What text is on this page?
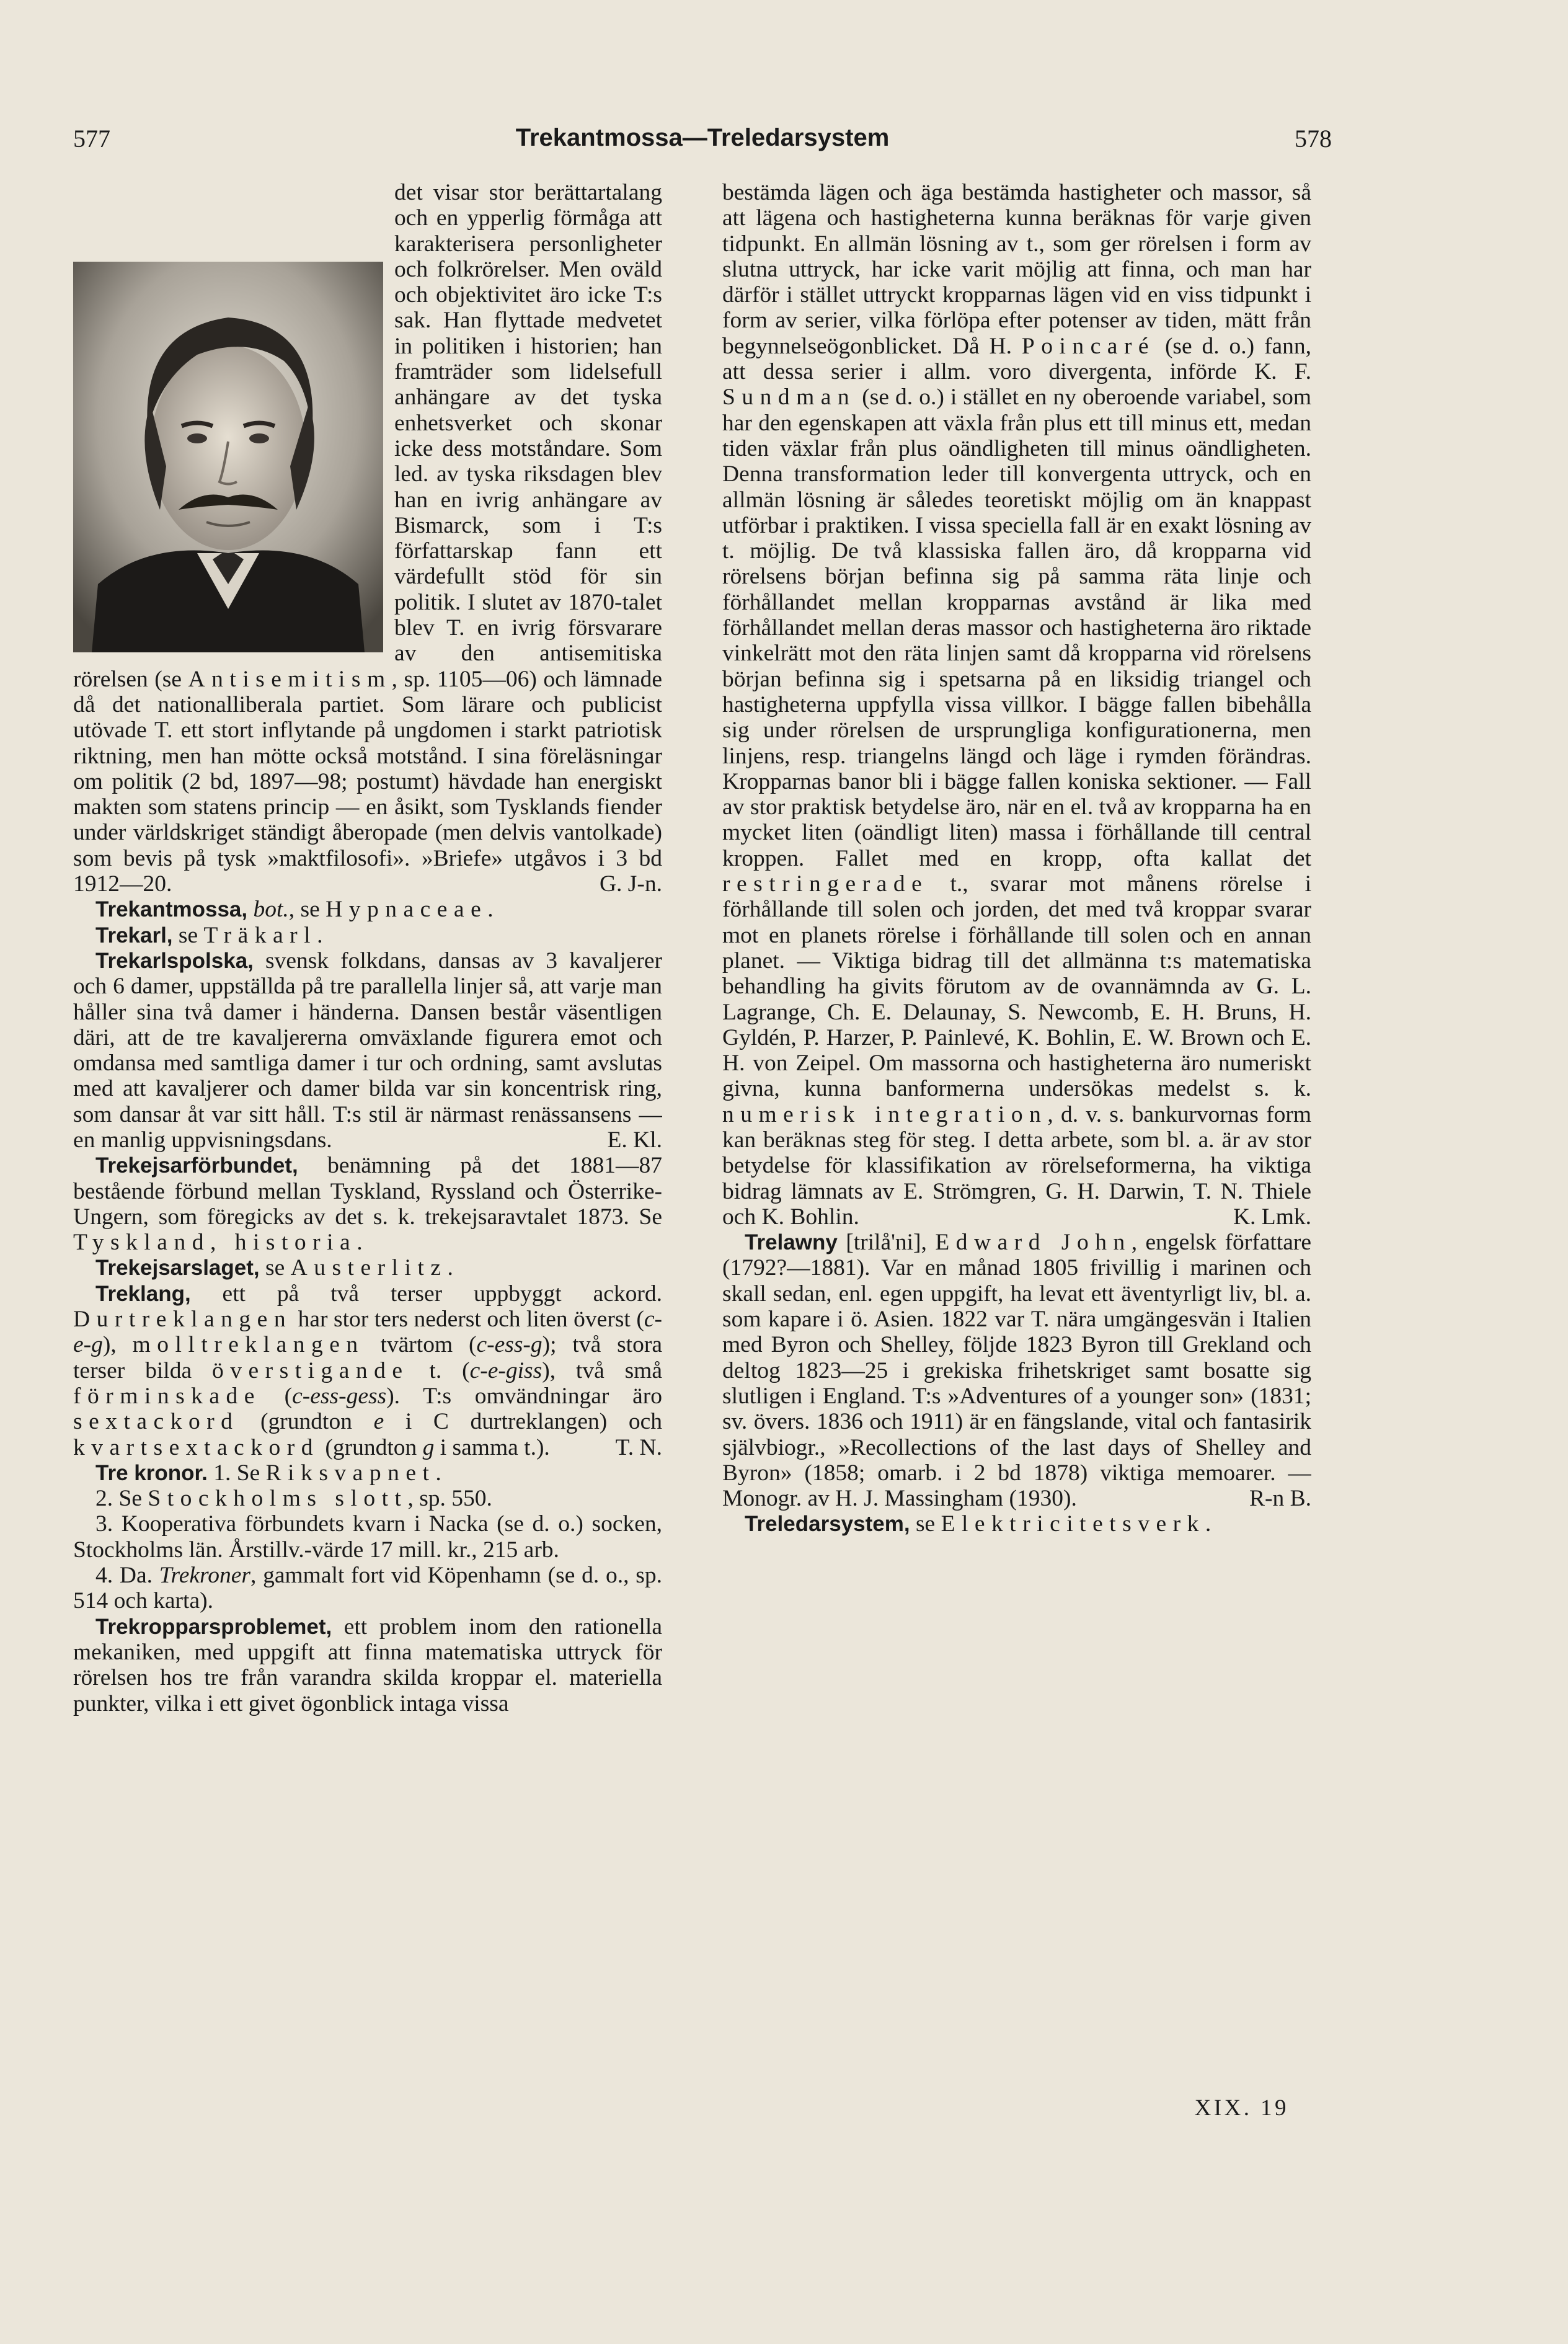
577	Trekantmossa—Treledarsystem	578

det visar stor berättartalang och en ypperlig förmåga att karakterisera personligheter och folkrörelser. Men oväld och objektivitet äro icke T:s sak. Han flyttade medvetet in politiken i historien; han framträder som lidelsefull anhängare av det tyska enhetsverket och skonar icke dess motståndare. Som led. av tyska riksdagen blev han en ivrig anhängare av Bismarck, som i T:s författarskap fann ett värdefullt stöd för sin politik. I slutet av 1870-talet blev T. en ivrig försvarare av den antisemitiska rörelsen (se Antisemitism, sp. 1105—06) och lämnade då det nationalliberala partiet. Som lärare och publicist utövade T. ett stort inflytande på ungdomen i starkt patriotisk riktning, men han mötte också motstånd. I sina föreläsningar om politik (2 bd, 1897—98; postumt) hävdade han energiskt makten som statens princip — en åsikt, som Tysklands fiender under världskriget ständigt åberopade (men delvis vantolkade) som bevis på tysk »maktfilosofi». »Briefe» utgåvos i 3 bd 1912—20.	G. J-n.

Trekantmossa, bot., se Hypnaceae.

Trekarl, se Träkarl.

Trekarlspolska, svensk folkdans, dansas av 3 kavaljerer och 6 damer, uppställda på tre parallella linjer så, att varje man håller sina två damer i händerna. Dansen består väsentligen däri, att de tre kavaljererna omväxlande figurera emot och omdansa med samtliga damer i tur och ordning, samt avslutas med att kavaljerer och damer bilda var sin koncentrisk ring, som dansar åt var sitt håll. T:s stil är närmast renässansens — en manlig uppvisningsdans.	E. Kl.

Trekejsarförbundet, benämning på det 1881—87 bestående förbund mellan Tyskland, Ryssland och Österrike-Ungern, som föregicks av det s. k. trekejsaravtalet 1873. Se Tyskland, historia.

Trekejsarslaget, se Austerlitz.

Treklang, ett på två terser uppbyggt ackord. Durtreklangen har stor ters nederst och liten överst (c-e-g), molltreklangen tvärtom (c-ess-g); två stora terser bilda överstigande t. (c-e-giss), två små förminskade (c-ess-gess). T:s omvändningar äro sextackord (grundton e i C durtreklangen) och kvartsextackord (grundton g i samma t.).	T. N.

Tre kronor. 1. Se Riksvapnet.

2. Se Stockholms slott, sp. 550.

3. Kooperativa förbundets kvarn i Nacka (se d. o.) socken, Stockholms län. Årstillv.-värde 17 mill. kr., 215 arb.

4. Da. Trekroner, gammalt fort vid Köpenhamn (se d. o., sp. 514 och karta).

Trekropparsproblemet, ett problem inom den rationella mekaniken, med uppgift att finna matematiska uttryck för rörelsen hos tre från varandra skilda kroppar el. materiella punkter, vilka i ett givet ögonblick intaga vissa

bestämda lägen och äga bestämda hastigheter och massor, så att lägena och hastigheterna kunna beräknas för varje given tidpunkt. En allmän lösning av t., som ger rörelsen i form av slutna uttryck, har icke varit möjlig att finna, och man har därför i stället uttryckt kropparnas lägen vid en viss tidpunkt i form av serier, vilka förlöpa efter potenser av tiden, mätt från begynnelseögonblicket. Då H. Poincaré (se d. o.) fann, att dessa serier i allm. voro divergenta, införde K. F. Sundman (se d. o.) i stället en ny oberoende variabel, som har den egenskapen att växla från plus ett till minus ett, medan tiden växlar från plus oändligheten till minus oändligheten. Denna transformation leder till konvergenta uttryck, och en allmän lösning är således teoretiskt möjlig om än knappast utförbar i praktiken. I vissa speciella fall är en exakt lösning av t. möjlig. De två klassiska fallen äro, då kropparna vid rörelsens början befinna sig på samma räta linje och förhållandet mellan kropparnas avstånd är lika med förhållandet mellan deras massor och hastigheterna äro riktade vinkelrätt mot den räta linjen samt då kropparna vid rörelsens början befinna sig i spetsarna på en liksidig triangel och hastigheterna uppfylla vissa villkor. I bägge fallen bibehålla sig under rörelsen de ursprungliga konfigurationerna, men linjens, resp. triangelns längd och läge i rymden förändras. Kropparnas banor bli i bägge fallen koniska sektioner. — Fall av stor praktisk betydelse äro, när en el. två av kropparna ha en mycket liten (oändligt liten) massa i förhållande till central kroppen. Fallet med en kropp, ofta kallat det restringerade t., svarar mot månens rörelse i förhållande till solen och jorden, det med två kroppar svarar mot en planets rörelse i förhållande till solen och en annan planet. — Viktiga bidrag till det allmänna t:s matematiska behandling ha givits förutom av de ovannämnda av G. L. Lagrange, Ch. E. Delaunay, S. Newcomb, E. H. Bruns, H. Gyldén, P. Harzer, P. Painlevé, K. Bohlin, E. W. Brown och E. H. von Zeipel. Om massorna och hastigheterna äro numeriskt givna, kunna banformerna undersökas medelst s. k. numerisk integration, d. v. s. bankurvornas form kan beräknas steg för steg. I detta arbete, som bl. a. är av stor betydelse för klassifikation av rörelseformerna, ha viktiga bidrag lämnats av E. Strömgren, G. H. Darwin, T. N. Thiele och K. Bohlin.	K. Lmk.

Trelawny [trilå'ni], Edward John, engelsk författare (1792?—1881). Var en månad 1805 frivillig i marinen och skall sedan, enl. egen uppgift, ha levat ett äventyrligt liv, bl. a. som kapare i ö. Asien. 1822 var T. nära umgängesvän i Italien med Byron och Shelley, följde 1823 Byron till Grekland och deltog 1823—25 i grekiska frihetskriget samt bosatte sig slutligen i England. T:s »Adventures of a younger son» (1831; sv. övers. 1836 och 1911) är en fängslande, vital och fantasirik självbiogr., »Recollections of the last days of Shelley and Byron» (1858; omarb. i 2 bd 1878) viktiga memoarer. — Monogr. av H. J. Massingham (1930).	R-n B.

Treledarsystem, se Elektricitetsverk.

XIX. 19
